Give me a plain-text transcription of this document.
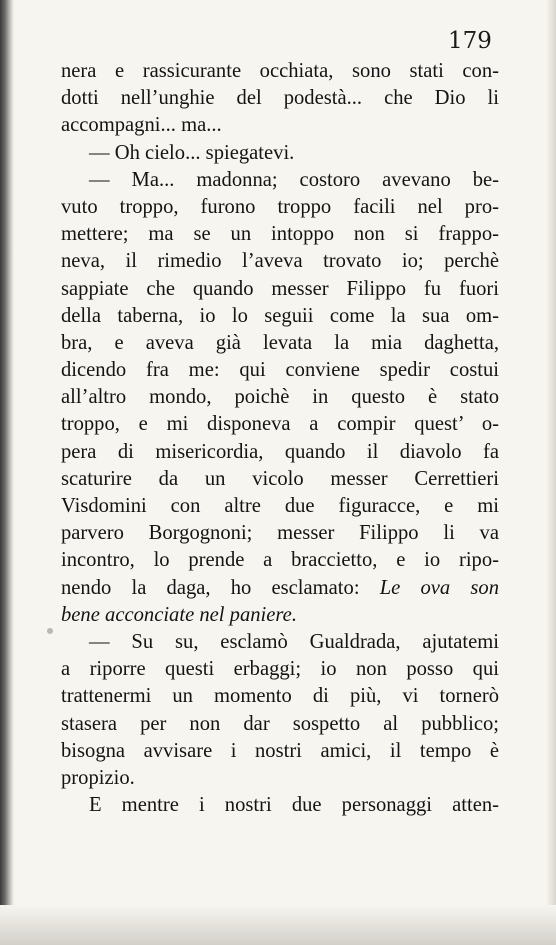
179
nera e rassicurante occhiata, sono stati con-
dotti nell’unghie del podestà... che Dio li
accompagni... ma...
— Oh cielo... spiegatevi.
— Ma... madonna; costoro avevano be-
vuto troppo, furono troppo facili nel pro-
mettere; ma se un intoppo non si frappo-
neva, il rimedio l’aveva trovato io; perchè
sappiate che quando messer Filippo fu fuori
della taberna, io lo seguii come la sua om-
bra, e aveva già levata la mia daghetta,
dicendo fra me: qui conviene spedir costui
all’altro mondo, poichè in questo è stato
troppo, e mi disponeva a compir quest’ o-
pera di misericordia, quando il diavolo fa
scaturire da un vicolo messer Cerrettieri
Visdomini con altre due figuracce, e mi
parvero Borgognoni; messer Filippo li va
incontro, lo prende a braccietto, e io ripo-
nendo la daga, ho esclamato: Le ova son
bene acconciate nel paniere.
— Su su, esclamò Gualdrada, ajutatemi
a riporre questi erbaggi; io non posso qui
trattenermi un momento di più, vi tornerò
stasera per non dar sospetto al pubblico;
bisogna avvisare i nostri amici, il tempo è
propizio.
E mentre i nostri due personaggi atten-
